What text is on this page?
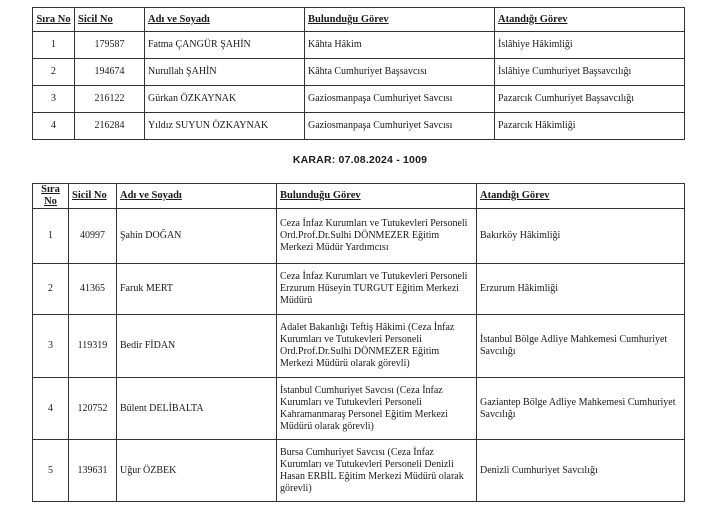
Sıra No	Sicil No	Adı ve Soyadı	Bulunduğu Görev	Atandığı Görev
1	179587	Fatma ÇANGÜR ŞAHİN	Kâhta Hâkim	İslâhiye Hâkimliği
2	194674	Nurullah ŞAHİN	Kâhta Cumhuriyet Başsavcısı	İslâhiye Cumhuriyet Başsavcılığı
3	216122	Gürkan ÖZKAYNAK	Gaziosmanpaşa Cumhuriyet Savcısı	Pazarcık Cumhuriyet Başsavcılığı
4	216284	Yıldız SUYUN ÖZKAYNAK	Gaziosmanpaşa Cumhuriyet Savcısı	Pazarcık Hâkimliği
KARAR: 07.08.2024 - 1009
Sıra No	Sicil No	Adı ve Soyadı	Bulunduğu Görev	Atandığı Görev
1	40997	Şahin DOĞAN	Ceza İnfaz Kurumları ve Tutukevleri Personeli Ord.Prof.Dr.Sulhi DÖNMEZER Eğitim Merkezi Müdür Yardımcısı	Bakırköy Hâkimliği
2	41365	Faruk MERT	Ceza İnfaz Kurumları ve Tutukevleri Personeli Erzurum Hüseyin TURGUT Eğitim Merkezi Müdürü	Erzurum Hâkimliği
3	119319	Bedir FİDAN	Adalet Bakanlığı Teftiş Hâkimi (Ceza İnfaz Kurumları ve Tutukevleri Personeli Ord.Prof.Dr.Sulhi DÖNMEZER Eğitim Merkezi Müdürü olarak görevli)	İstanbul Bölge Adliye Mahkemesi Cumhuriyet Savcılığı
4	120752	Bülent DELİBALTA	İstanbul Cumhuriyet Savcısı (Ceza İnfaz Kurumları ve Tutukevleri Personeli Kahramanmaraş Personel Eğitim Merkezi Müdürü olarak görevli)	Gaziantep Bölge Adliye Mahkemesi Cumhuriyet Savcılığı
5	139631	Uğur ÖZBEK	Bursa Cumhuriyet Savcısı (Ceza İnfaz Kurumları ve Tutukevleri Personeli Denizli Hasan ERBİL Eğitim Merkezi Müdürü olarak görevli)	Denizli Cumhuriyet Savcılığı
